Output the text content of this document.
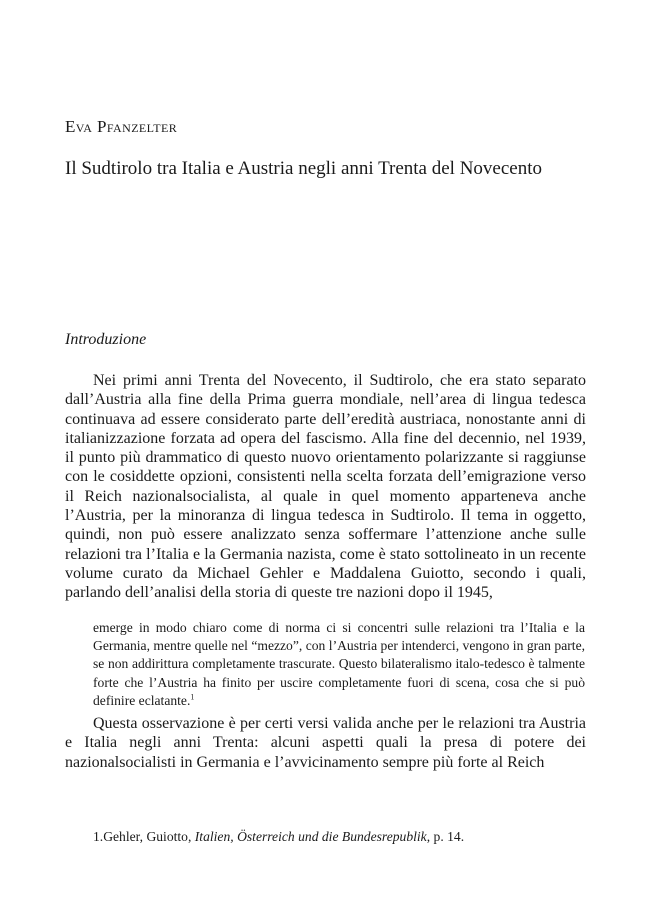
Eva Pfanzelter
Il Sudtirolo tra Italia e Austria negli anni Trenta del Novecento
Introduzione

Nei primi anni Trenta del Novecento, il Sudtirolo, che era stato separato dall’Austria alla fine della Prima guerra mondiale, nell’area di lingua tedesca continuava ad essere considerato parte dell’eredità austriaca, nonostante anni di italianizzazione forzata ad opera del fascismo. Alla fine del decennio, nel 1939, il punto più drammatico di questo nuovo orientamento polarizzante si raggiunse con le cosiddette opzioni, consistenti nella scelta forzata dell’emigrazione verso il Reich nazionalsocialista, al quale in quel momento apparteneva anche l’Austria, per la minoranza di lingua tedesca in Sudtirolo. Il tema in oggetto, quindi, non può essere analizzato senza soffermare l’attenzione anche sulle relazioni tra l’Italia e la Germania nazista, come è stato sottolineato in un recente volume curato da Michael Gehler e Maddalena Guiotto, secondo i quali, parlando dell’analisi della storia di queste tre nazioni dopo il 1945,

emerge in modo chiaro come di norma ci si concentri sulle relazioni tra l’Italia e la Germania, mentre quelle nel “mezzo”, con l’Austria per intenderci, vengono in gran parte, se non addirittura completamente trascurate. Questo bilateralismo italo-tedesco è talmente forte che l’Austria ha finito per uscire completamente fuori di scena, cosa che si può definire eclatante.$^1$

Questa osservazione è per certi versi valida anche per le relazioni tra Austria e Italia negli anni Trenta: alcuni aspetti quali la presa di potere dei nazionalsocialisti in Germania e l’avvicinamento sempre più forte al Reich

1.Gehler, Guiotto, Italien, Österreich und die Bundesrepublik, p. 14.
